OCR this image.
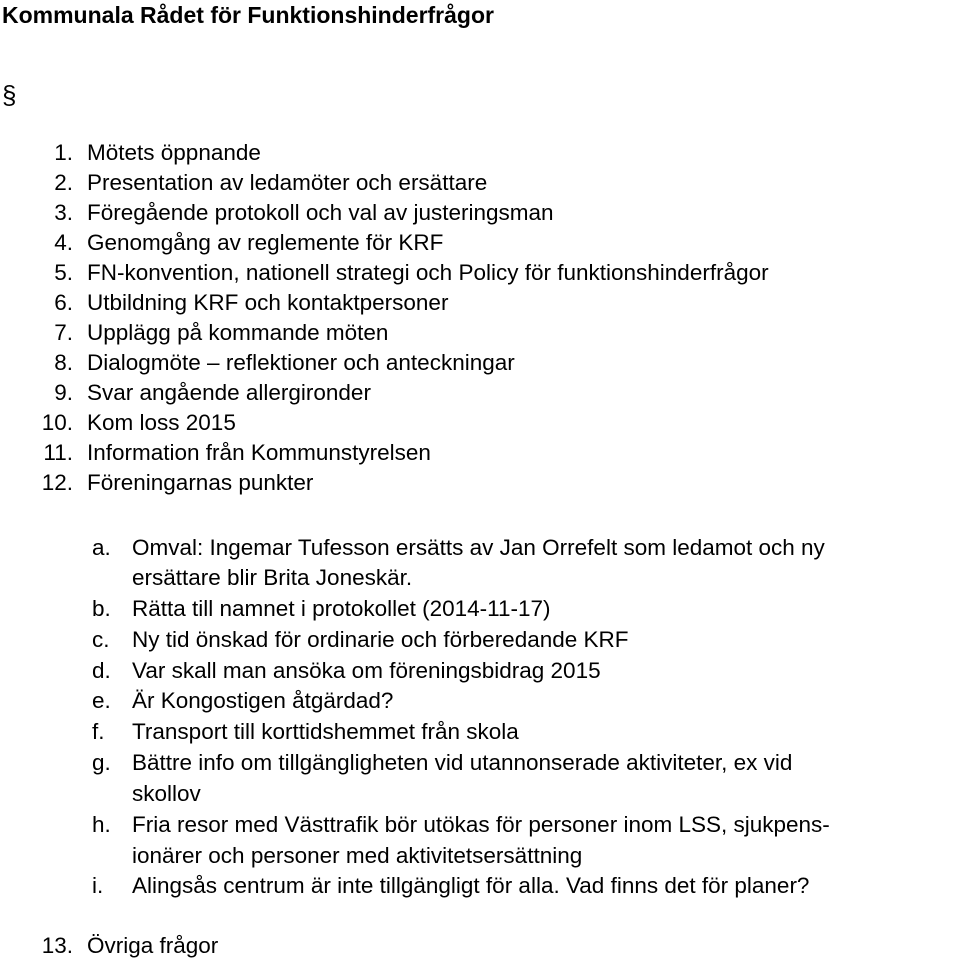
Kommunala Rådet för Funktionshinderfrågor
§
1. Mötets öppnande
2. Presentation av ledamöter och ersättare
3. Föregående protokoll och val av justeringsman
4. Genomgång av reglemente för KRF
5. FN-konvention, nationell strategi och Policy för funktionshinderfrågor
6. Utbildning KRF och kontaktpersoner
7. Upplägg på kommande möten
8. Dialogmöte – reflektioner och anteckningar
9. Svar angående allergironder
10. Kom loss 2015
11. Information från Kommunstyrelsen
12. Föreningarnas punkter
a. Omval: Ingemar Tufesson ersätts av Jan Orrefelt som ledamot och ny
ersättare blir Brita Joneskär.
b. Rätta till namnet i protokollet (2014-11-17)
c. Ny tid önskad för ordinarie och förberedande KRF
d. Var skall man ansöka om föreningsbidrag 2015
e. Är Kongostigen åtgärdad?
f.	Transport till korttidshemmet från skola
g. Bättre info om tillgängligheten vid utannonserade aktiviteter, ex vid
skollov
h. Fria resor med Västtrafik bör utökas för personer inom LSS, sjukpens-
ionärer och personer med aktivitetsersättning
i.	Alingsås centrum är inte tillgängligt för alla. Vad finns det för planer?
13. Övriga frågor
